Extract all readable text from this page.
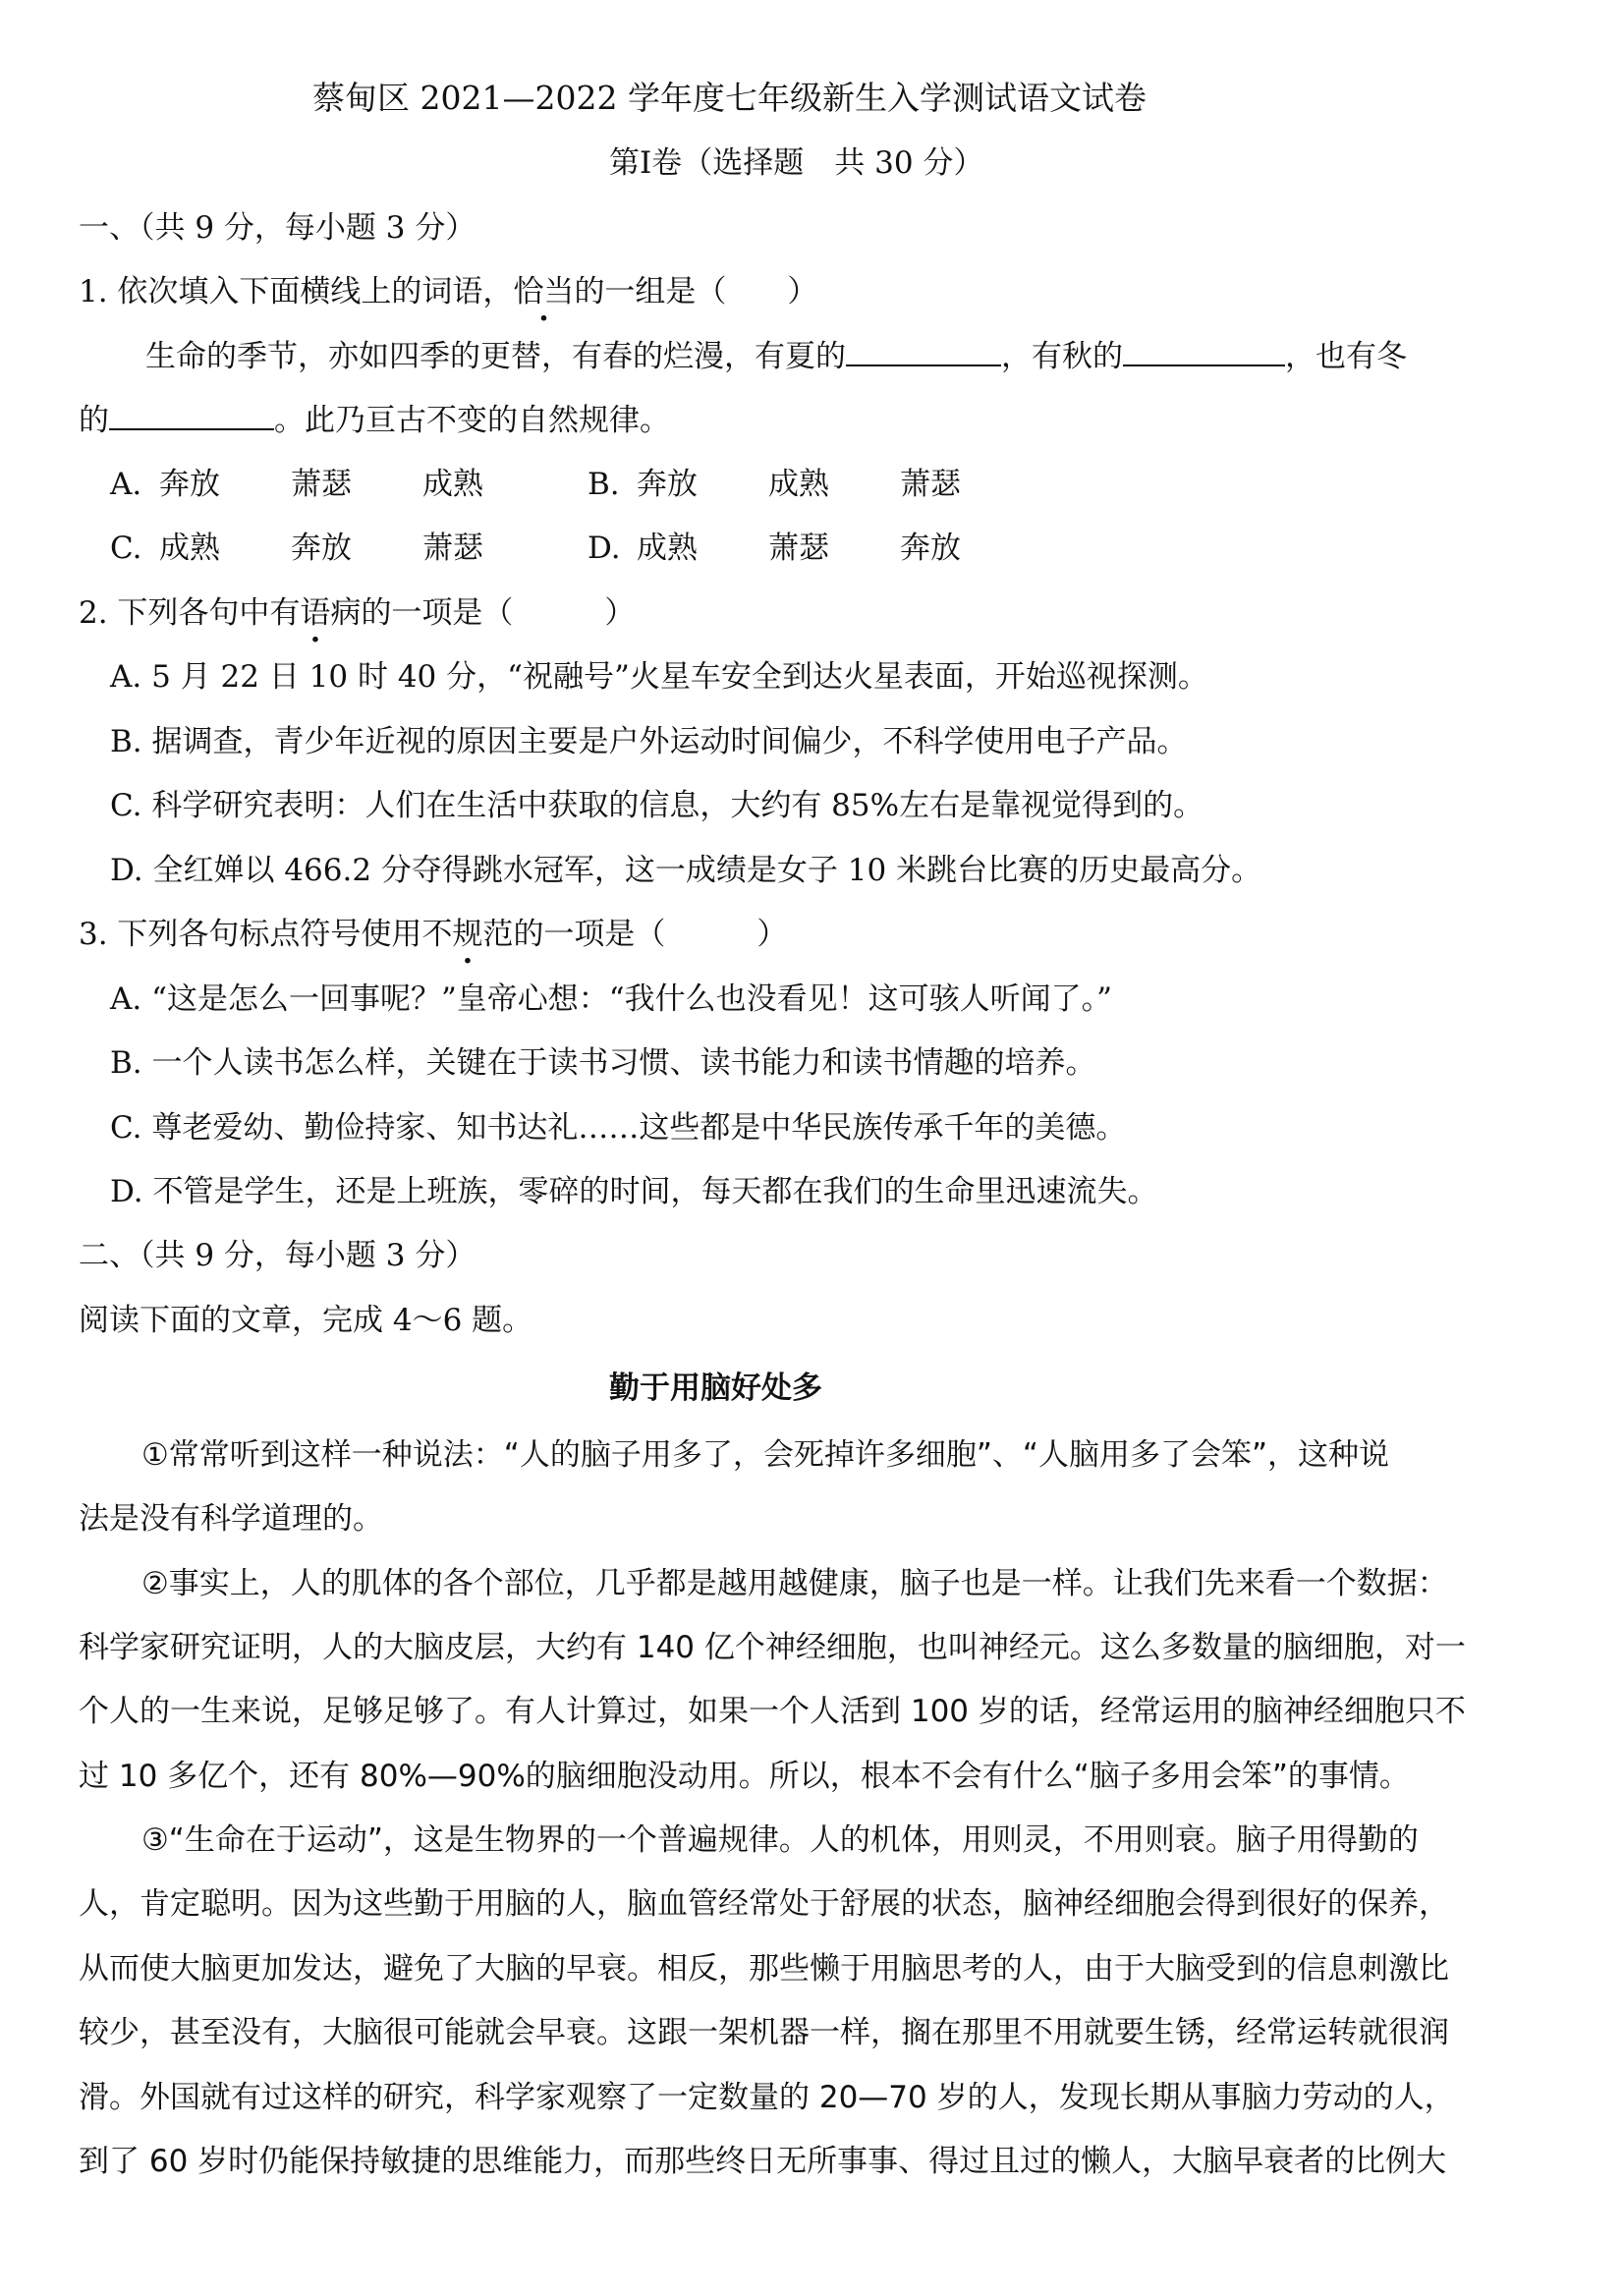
蔡甸区 2021—2022 学年度七年级新生入学测试语文试卷
第Ⅰ卷（选择题　共 30 分）
一、（共 9 分，每小题 3 分）
1. 依次填入下面横线上的词语，恰当的一组是（　　）
生命的季节，亦如四季的更替，有春的烂漫，有夏的	，有秋的	，也有冬
的	。此乃亘古不变的自然规律。
A. 奔放 萧瑟 成熟	B. 奔放 成熟 萧瑟
C. 成熟 奔放 萧瑟	D. 成熟 萧瑟 奔放
2. 下列各句中有语病的一项是（　　　）
A. 5 月 22 日 10 时 40 分，“祝融号”火星车安全到达火星表面，开始巡视探测。
B. 据调查，青少年近视的原因主要是户外运动时间偏少，不科学使用电子产品。
C. 科学研究表明：人们在生活中获取的信息，大约有 85%左右是靠视觉得到的。
D. 全红婵以 466.2 分夺得跳水冠军，这一成绩是女子 10 米跳台比赛的历史最高分。
3. 下列各句标点符号使用不规范的一项是（　　　）
A. “这是怎么一回事呢？”皇帝心想：“我什么也没看见！这可骇人听闻了。”
B. 一个人读书怎么样，关键在于读书习惯、读书能力和读书情趣的培养。
C. 尊老爱幼、勤俭持家、知书达礼……这些都是中华民族传承千年的美德。
D. 不管是学生，还是上班族，零碎的时间，每天都在我们的生命里迅速流失。
二、（共 9 分，每小题 3 分）
阅读下面的文章，完成 4～6 题。
勤于用脑好处多
①常常听到这样一种说法：“人的脑子用多了，会死掉许多细胞”、“人脑用多了会笨”，这种说
法是没有科学道理的。
②事实上，人的肌体的各个部位，几乎都是越用越健康，脑子也是一样。让我们先来看一个数据：
科学家研究证明，人的大脑皮层，大约有 140 亿个神经细胞，也叫神经元。这么多数量的脑细胞，对一
个人的一生来说，足够足够了。有人计算过，如果一个人活到 100 岁的话，经常运用的脑神经细胞只不
过 10 多亿个，还有 80%—90%的脑细胞没动用。所以，根本不会有什么“脑子多用会笨”的事情。
③“生命在于运动”，这是生物界的一个普遍规律。人的机体，用则灵，不用则衰。脑子用得勤的
人，肯定聪明。因为这些勤于用脑的人，脑血管经常处于舒展的状态，脑神经细胞会得到很好的保养，
从而使大脑更加发达，避免了大脑的早衰。相反，那些懒于用脑思考的人，由于大脑受到的信息刺激比
较少，甚至没有，大脑很可能就会早衰。这跟一架机器一样，搁在那里不用就要生锈，经常运转就很润
滑。外国就有过这样的研究，科学家观察了一定数量的 20—70 岁的人，发现长期从事脑力劳动的人，
到了 60 岁时仍能保持敏捷的思维能力，而那些终日无所事事、得过且过的懒人，大脑早衰者的比例大
